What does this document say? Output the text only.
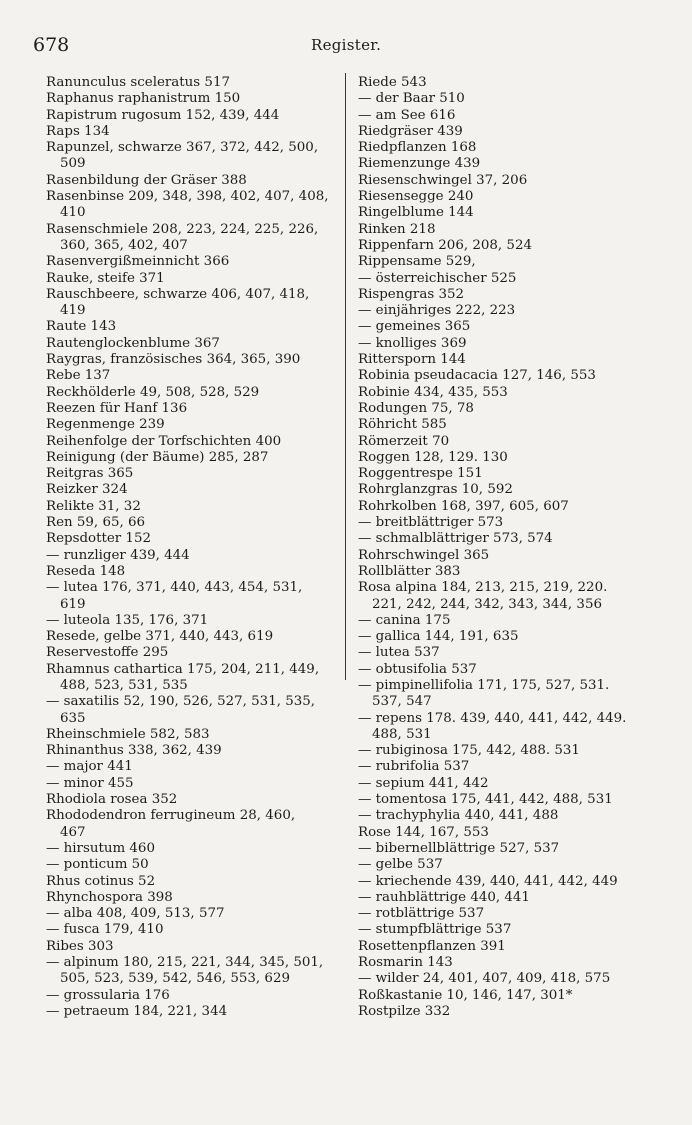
678	Register.
Ranunculus sceleratus 517
Raphanus raphanistrum 150
Rapistrum rugosum 152, 439, 444
Raps 134
Rapunzel, schwarze 367, 372, 442, 500,
509
Rasenbildung der Gräser 388
Rasenbinse 209, 348, 398, 402, 407, 408,
410
Rasenschmiele 208, 223, 224, 225, 226,
360, 365, 402, 407
Rasenvergißmeinnicht 366
Rauke, steife 371
Rauschbeere, schwarze 406, 407, 418,
419
Raute 143
Rautenglockenblume 367
Raygras, französisches 364, 365, 390
Rebe 137
Reckhölderle 49, 508, 528, 529
Reezen für Hanf 136
Regenmenge 239
Reihenfolge der Torfschichten 400
Reinigung (der Bäume) 285, 287
Reitgras 365
Reizker 324
Relikte 31, 32
Ren 59, 65, 66
Repsdotter 152
— runzliger 439, 444
Reseda 148
— lutea 176, 371, 440, 443, 454, 531,
619
— luteola 135, 176, 371
Resede, gelbe 371, 440, 443, 619
Reservestoffe 295
Rhamnus cathartica 175, 204, 211, 449,
488, 523, 531, 535
— saxatilis 52, 190, 526, 527, 531, 535,
635
Rheinschmiele 582, 583
Rhinanthus 338, 362, 439
— major 441
— minor 455
Rhodiola rosea 352
Rhododendron ferrugineum 28, 460,
467
— hirsutum 460
— ponticum 50
Rhus cotinus 52
Rhynchospora 398
— alba 408, 409, 513, 577
— fusca 179, 410
Ribes 303
— alpinum 180, 215, 221, 344, 345, 501,
505, 523, 539, 542, 546, 553, 629
— grossularia 176
— petraeum 184, 221, 344
Riede 543
— der Baar 510
— am See 616
Riedgräser 439
Riedpflanzen 168
Riemenzunge 439
Riesenschwingel 37, 206
Riesensegge 240
Ringelblume 144
Rinken 218
Rippenfarn 206, 208, 524
Rippensame 529,
— österreichischer 525
Rispengras 352
— einjähriges 222, 223
— gemeines 365
— knolliges 369
Rittersporn 144
Robinia pseudacacia 127, 146, 553
Robinie 434, 435, 553
Rodungen 75, 78
Röhricht 585
Römerzeit 70
Roggen 128, 129. 130
Roggentrespe 151
Rohrglanzgras 10, 592
Rohrkolben 168, 397, 605, 607
— breitblättriger 573
— schmalblättriger 573, 574
Rohrschwingel 365
Rollblätter 383
Rosa alpina 184, 213, 215, 219, 220.
221, 242, 244, 342, 343, 344, 356
— canina 175
— gallica 144, 191, 635
— lutea 537
— obtusifolia 537
— pimpinellifolia 171, 175, 527, 531.
537, 547
— repens 178. 439, 440, 441, 442, 449.
488, 531
— rubiginosa 175, 442, 488. 531
— rubrifolia 537
— sepium 441, 442
— tomentosa 175, 441, 442, 488, 531
— trachyphylia 440, 441, 488
Rose 144, 167, 553
— bibernellblättrige 527, 537
— gelbe 537
— kriechende 439, 440, 441, 442, 449
— rauhblättrige 440, 441
— rotblättrige 537
— stumpfblättrige 537
Rosettenpflanzen 391
Rosmarin 143
— wilder 24, 401, 407, 409, 418, 575
Roßkastanie 10, 146, 147, 301*
Rostpilze 332
